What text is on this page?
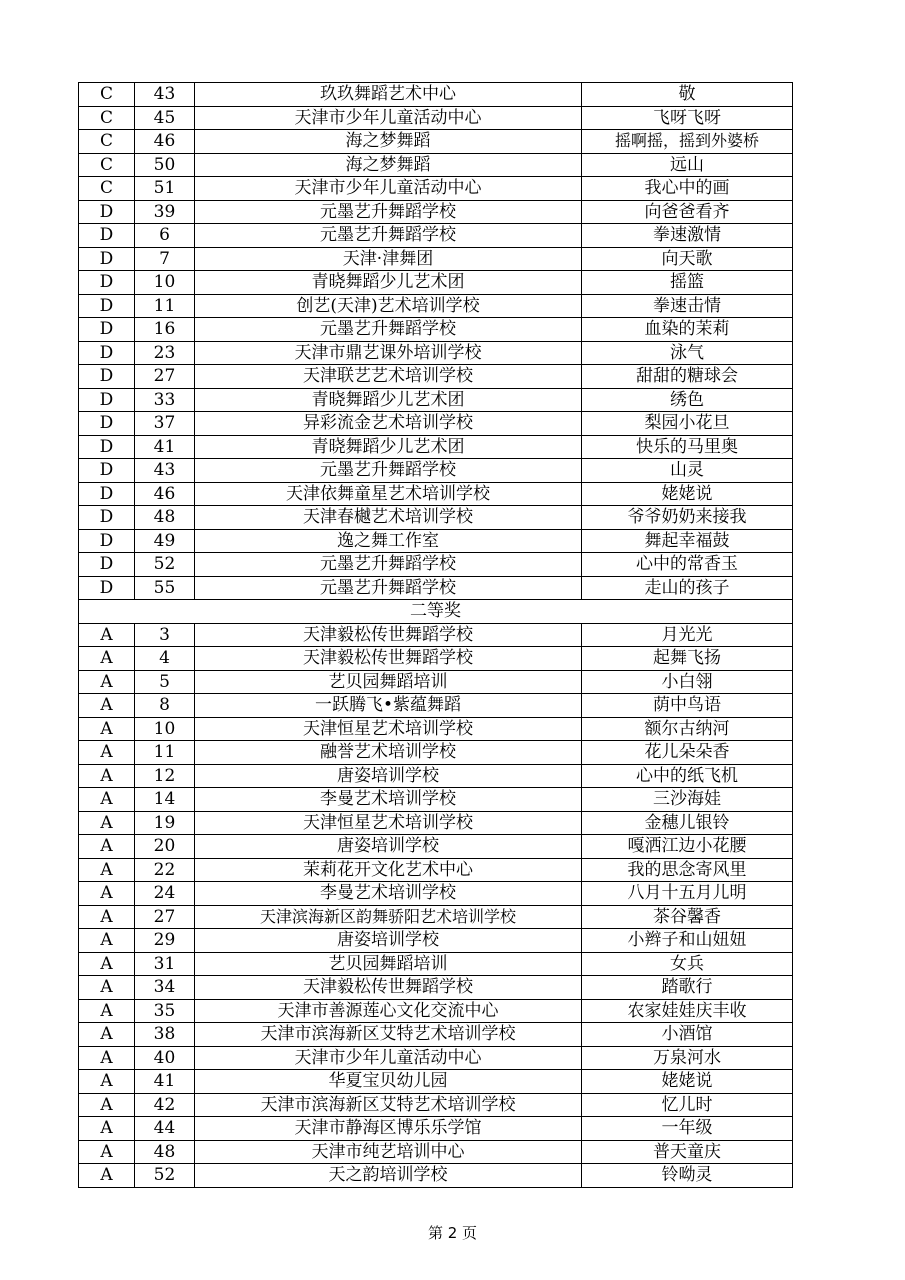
C	43	玖玖舞蹈艺术中心	敬
C	45	天津市少年儿童活动中心	飞呀飞呀
C	46	海之梦舞蹈	摇啊摇，摇到外婆桥
C	50	海之梦舞蹈	远山
C	51	天津市少年儿童活动中心	我心中的画
D	39	元墨艺升舞蹈学校	向爸爸看齐
D	6	元墨艺升舞蹈学校	拳速激情
D	7	天津·津舞团	向天歌
D	10	青晓舞蹈少儿艺术团	摇篮
D	11	创艺(天津)艺术培训学校	拳速击情
D	16	元墨艺升舞蹈学校	血染的茉莉
D	23	天津市鼎艺课外培训学校	泳气
D	27	天津联艺艺术培训学校	甜甜的糖球会
D	33	青晓舞蹈少儿艺术团	绣色
D	37	异彩流金艺术培训学校	梨园小花旦
D	41	青晓舞蹈少儿艺术团	快乐的马里奥
D	43	元墨艺升舞蹈学校	山灵
D	46	天津依舞童星艺术培训学校	姥姥说
D	48	天津春樾艺术培训学校	爷爷奶奶来接我
D	49	逸之舞工作室	舞起幸福鼓
D	52	元墨艺升舞蹈学校	心中的常香玉
D	55	元墨艺升舞蹈学校	走山的孩子
二等奖			
A	3	天津毅松传世舞蹈学校	月光光
A	4	天津毅松传世舞蹈学校	起舞飞扬
A	5	艺贝园舞蹈培训	小白翎
A	8	一跃腾飞•紫蕴舞蹈	荫中鸟语
A	10	天津恒星艺术培训学校	额尔古纳河
A	11	融誉艺术培训学校	花儿朵朵香
A	12	唐姿培训学校	心中的纸飞机
A	14	李曼艺术培训学校	三沙海娃
A	19	天津恒星艺术培训学校	金穗儿银铃
A	20	唐姿培训学校	嘎洒江边小花腰
A	22	茉莉花开文化艺术中心	我的思念寄风里
A	24	李曼艺术培训学校	八月十五月儿明
A	27	天津滨海新区韵舞骄阳艺术培训学校	茶谷馨香
A	29	唐姿培训学校	小辫子和山妞妞
A	31	艺贝园舞蹈培训	女兵
A	34	天津毅松传世舞蹈学校	踏歌行
A	35	天津市善源莲心文化交流中心	农家娃娃庆丰收
A	38	天津市滨海新区艾特艺术培训学校	小酒馆
A	40	天津市少年儿童活动中心	万泉河水
A	41	华夏宝贝幼儿园	姥姥说
A	42	天津市滨海新区艾特艺术培训学校	忆儿时
A	44	天津市静海区博乐乐学馆	一年级
A	48	天津市纯艺培训中心	普天童庆
A	52	天之韵培训学校	铃呦灵
第 2 页
